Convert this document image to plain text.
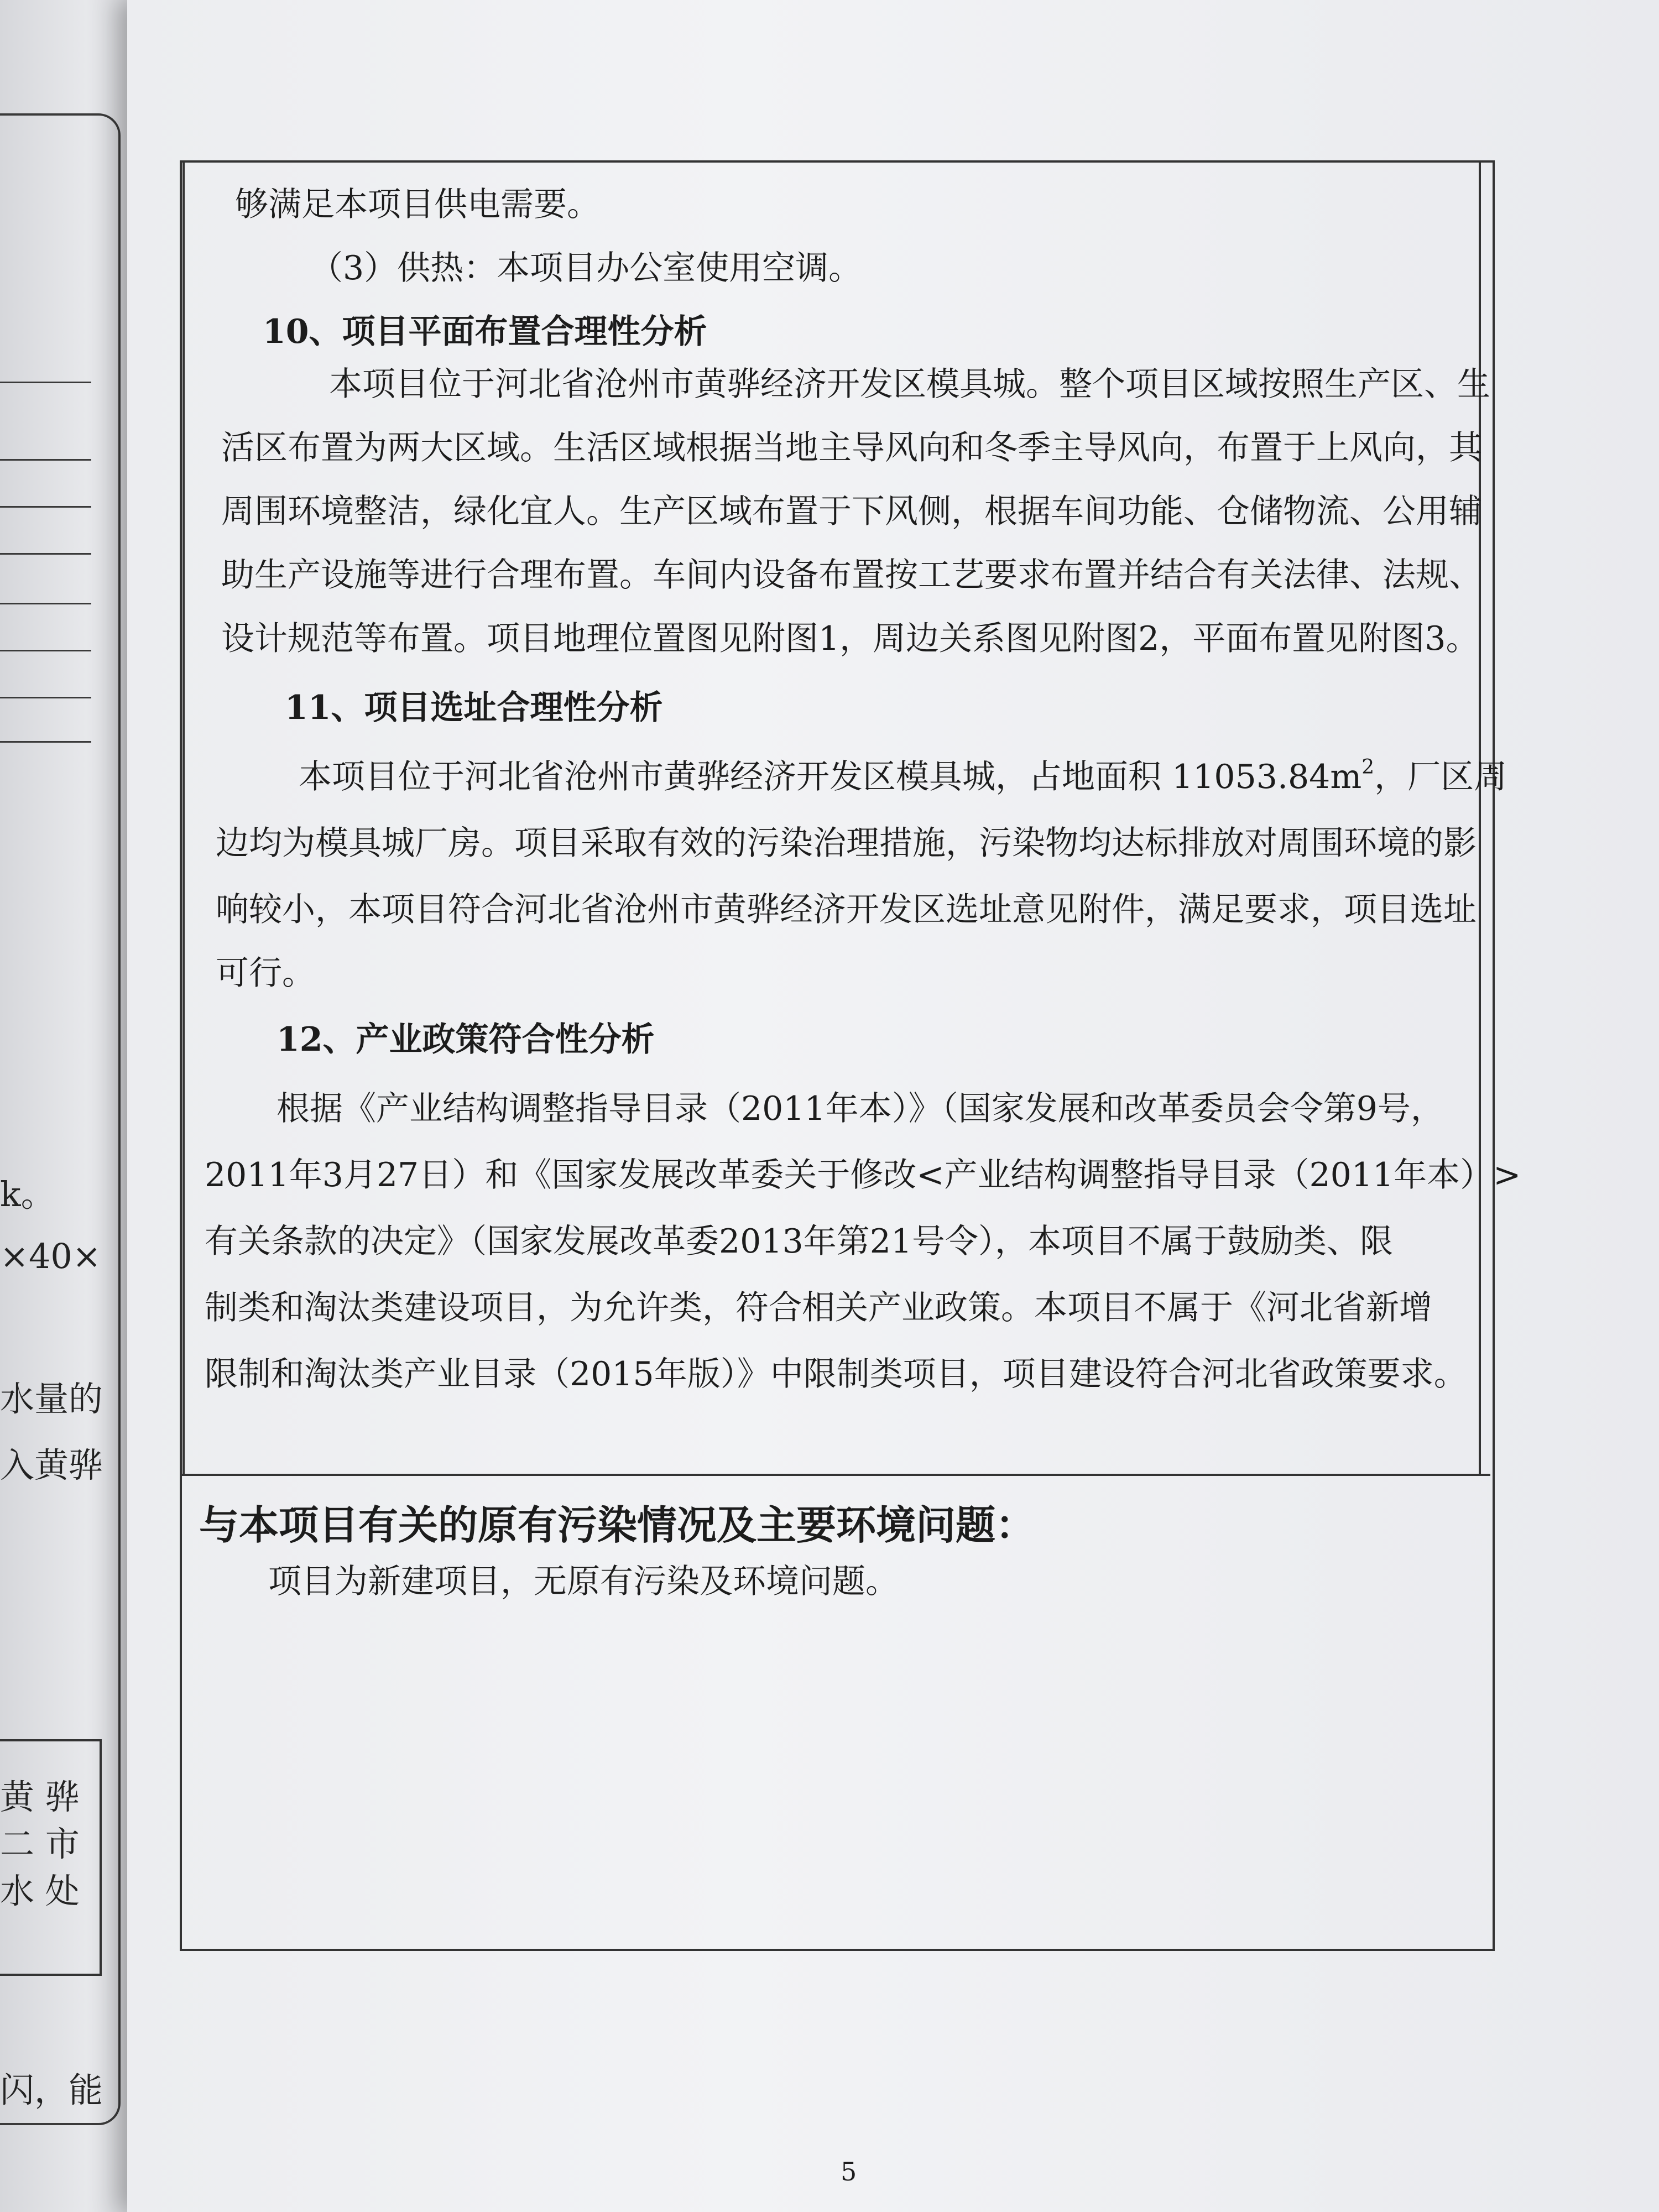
k。
×40×
水量的
入黄骅
黄 骅
二 市
水 处
闪，能
够满足本项目供电需要。
（3）供热：本项目办公室使用空调。
10、项目平面布置合理性分析
本项目位于河北省沧州市黄骅经济开发区模具城。整个项目区域按照生产区、生
活区布置为两大区域。生活区域根据当地主导风向和冬季主导风向，布置于上风向，其
周围环境整洁，绿化宜人。生产区域布置于下风侧，根据车间功能、仓储物流、公用辅
助生产设施等进行合理布置。车间内设备布置按工艺要求布置并结合有关法律、法规、
设计规范等布置。项目地理位置图见附图1，周边关系图见附图2，平面布置见附图3。
11、项目选址合理性分析
本项目位于河北省沧州市黄骅经济开发区模具城，占地面积 $11053.84m^2$，厂区周
边均为模具城厂房。项目采取有效的污染治理措施，污染物均达标排放对周围环境的影
响较小，本项目符合河北省沧州市黄骅经济开发区选址意见附件，满足要求，项目选址
可行。
12、产业政策符合性分析
根据《产业结构调整指导目录（2011年本）》（国家发展和改革委员会令第9号，
2011年3月27日）和《国家发展改革委关于修改<产业结构调整指导目录（2011年本）>
有关条款的决定》（国家发展改革委2013年第21号令），本项目不属于鼓励类、限
制类和淘汰类建设项目，为允许类，符合相关产业政策。本项目不属于《河北省新增
限制和淘汰类产业目录（2015年版）》中限制类项目，项目建设符合河北省政策要求。
与本项目有关的原有污染情况及主要环境问题：
项目为新建项目，无原有污染及环境问题。
5
